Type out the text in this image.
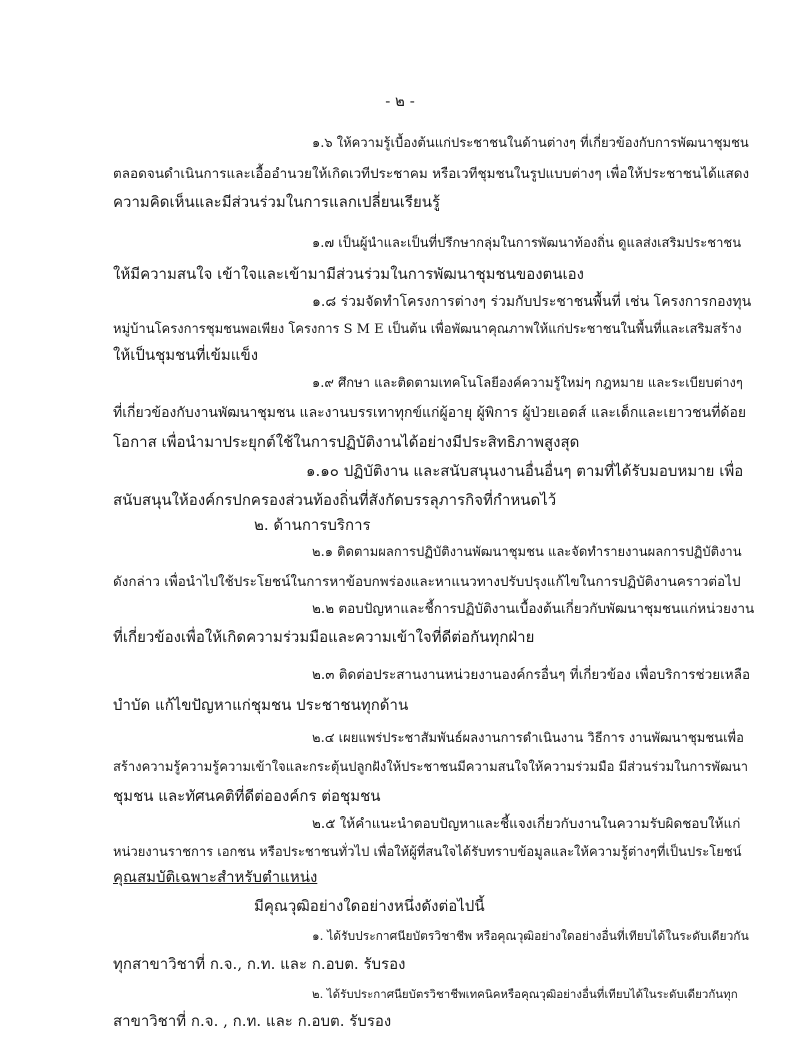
- ๒ -
๑.๖ ให้ความรู้เบื้องต้นแก่ประชาชนในด้านต่างๆ ที่เกี่ยวข้องกับการพัฒนาชุมชน
ตลอดจนดำเนินการและเอื้ออำนวยให้เกิดเวทีประชาคม หรือเวทีชุมชนในรูปแบบต่างๆ เพื่อให้ประชาชนได้แสดง
ความคิดเห็นและมีส่วนร่วมในการแลกเปลี่ยนเรียนรู้
๑.๗ เป็นผู้นำและเป็นที่ปรึกษากลุ่มในการพัฒนาท้องถิ่น ดูแลส่งเสริมประชาชน
ให้มีความสนใจ เข้าใจและเข้ามามีส่วนร่วมในการพัฒนาชุมชนของตนเอง
๑.๘ ร่วมจัดทำโครงการต่างๆ ร่วมกับประชาชนพื้นที่ เช่น โครงการกองทุน
หมู่บ้านโครงการชุมชนพอเพียง โครงการ S M E เป็นต้น เพื่อพัฒนาคุณภาพให้แก่ประชาชนในพื้นที่และเสริมสร้าง
ให้เป็นชุมชนที่เข้มแข็ง
๑.๙ ศึกษา และติดตามเทคโนโลยีองค์ความรู้ใหม่ๆ กฎหมาย และระเบียบต่างๆ
ที่เกี่ยวข้องกับงานพัฒนาชุมชน และงานบรรเทาทุกข์แก่ผู้อายุ ผู้พิการ ผู้ป่วยเอดส์ และเด็กและเยาวชนที่ด้อย
โอกาส เพื่อนำมาประยุกต์ใช้ในการปฏิบัติงานได้อย่างมีประสิทธิภาพสูงสุด
๑.๑๐ ปฏิบัติงาน และสนับสนุนงานอื่นอื่นๆ ตามที่ได้รับมอบหมาย เพื่อ
สนับสนุนให้องค์กรปกครองส่วนท้องถิ่นที่สังกัดบรรลุภารกิจที่กำหนดไว้
๒. ด้านการบริการ
๒.๑ ติดตามผลการปฏิบัติงานพัฒนาชุมชน และจัดทำรายงานผลการปฏิบัติงาน
ดังกล่าว เพื่อนำไปใช้ประโยชน์ในการหาข้อบกพร่องและหาแนวทางปรับปรุงแก้ไขในการปฏิบัติงานคราวต่อไป
๒.๒ ตอบปัญหาและชี้การปฏิบัติงานเบื้องต้นเกี่ยวกับพัฒนาชุมชนแก่หน่วยงาน
ที่เกี่ยวข้องเพื่อให้เกิดความร่วมมือและความเข้าใจที่ดีต่อกันทุกฝ่าย
๒.๓ ติดต่อประสานงานหน่วยงานองค์กรอื่นๆ ที่เกี่ยวข้อง เพื่อบริการช่วยเหลือ
บำบัด แก้ไขปัญหาแก่ชุมชน ประชาชนทุกด้าน
๒.๔ เผยแพร่ประชาสัมพันธ์ผลงานการดำเนินงาน วิธีการ งานพัฒนาชุมชนเพื่อ
สร้างความรู้ความรู้ความเข้าใจและกระตุ้นปลูกฝังให้ประชาชนมีความสนใจให้ความร่วมมือ มีส่วนร่วมในการพัฒนา
ชุมชน และทัศนคติที่ดีต่อองค์กร ต่อชุมชน
๒.๕ ให้คำแนะนำตอบปัญหาและชี้แจงเกี่ยวกับงานในความรับผิดชอบให้แก่
หน่วยงานราชการ เอกชน หรือประชาชนทั่วไป เพื่อให้ผู้ที่สนใจได้รับทราบข้อมูลและให้ความรู้ต่างๆที่เป็นประโยชน์
คุณสมบัติเฉพาะสำหรับตำแหน่ง
มีคุณวุฒิอย่างใดอย่างหนึ่งดังต่อไปนี้
๑. ได้รับประกาศนียบัตรวิชาชีพ หรือคุณวุฒิอย่างใดอย่างอื่นที่เทียบได้ในระดับเดียวกัน
ทุกสาขาวิชาที่ ก.จ., ก.ท. และ ก.อบต. รับรอง
๒. ได้รับประกาศนียบัตรวิชาชีพเทคนิคหรือคุณวุฒิอย่างอื่นที่เทียบได้ในระดับเดียวกันทุก
สาขาวิชาที่ ก.จ. , ก.ท. และ ก.อบต. รับรอง
